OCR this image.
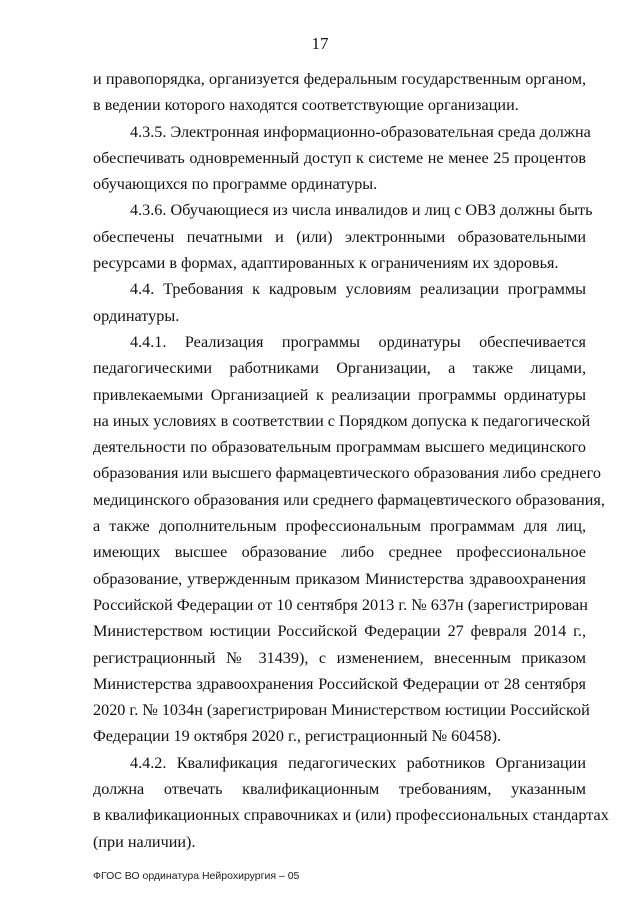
17
и правопорядка, организуется федеральным государственным органом,
в ведении которого находятся соответствующие организации.
4.3.5. Электронная информационно-образовательная среда должна
обеспечивать одновременный доступ к системе не менее 25 процентов
обучающихся по программе ординатуры.
4.3.6. Обучающиеся из числа инвалидов и лиц с ОВЗ должны быть
обеспечены печатными и (или) электронными образовательными
ресурсами в формах, адаптированных к ограничениям их здоровья.
4.4. Требования к кадровым условиям реализации программы
ординатуры.
4.4.1. Реализация программы ординатуры обеспечивается
педагогическими работниками Организации, а также лицами,
привлекаемыми Организацией к реализации программы ординатуры
на иных условиях в соответствии с Порядком допуска к педагогической
деятельности по образовательным программам высшего медицинского
образования или высшего фармацевтического образования либо среднего
медицинского образования или среднего фармацевтического образования,
а также дополнительным профессиональным программам для лиц,
имеющих высшее образование либо среднее профессиональное
образование, утвержденным приказом Министерства здравоохранения
Российской Федерации от 10 сентября 2013 г. № 637н (зарегистрирован
Министерством юстиции Российской Федерации 27 февраля 2014 г.,
регистрационный № 31439), с изменением, внесенным приказом
Министерства здравоохранения Российской Федерации от 28 сентября
2020 г. № 1034н (зарегистрирован Министерством юстиции Российской
Федерации 19 октября 2020 г., регистрационный № 60458).
4.4.2. Квалификация педагогических работников Организации
должна отвечать квалификационным требованиям, указанным
в квалификационных справочниках и (или) профессиональных стандартах
(при наличии).
ФГОС ВО ординатура Нейрохирургия – 05
